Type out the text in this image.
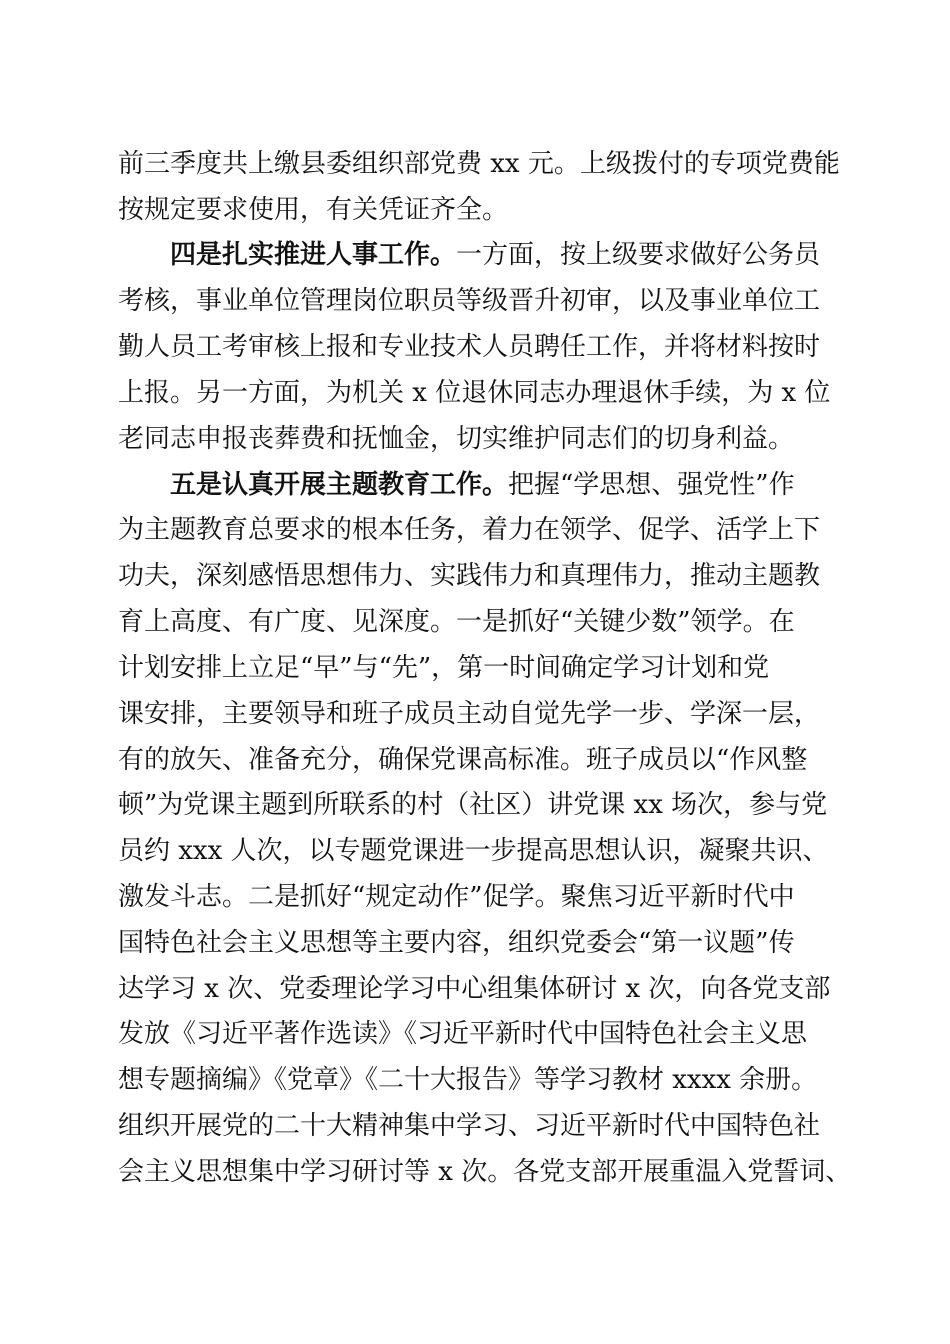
前三季度共上缴县委组织部党费 xx 元。上级拨付的专项党费能
按规定要求使用，有关凭证齐全。
四是扎实推进人事工作。一方面，按上级要求做好公务员
考核，事业单位管理岗位职员等级晋升初审，以及事业单位工
勤人员工考审核上报和专业技术人员聘任工作，并将材料按时
上报。另一方面，为机关 x 位退休同志办理退休手续，为 x 位
老同志申报丧葬费和抚恤金，切实维护同志们的切身利益。
五是认真开展主题教育工作。把握“学思想、强党性”作
为主题教育总要求的根本任务，着力在领学、促学、活学上下
功夫，深刻感悟思想伟力、实践伟力和真理伟力，推动主题教
育上高度、有广度、见深度。一是抓好“关键少数”领学。在
计划安排上立足“早”与“先”，第一时间确定学习计划和党
课安排，主要领导和班子成员主动自觉先学一步、学深一层，
有的放矢、准备充分，确保党课高标准。班子成员以“作风整
顿”为党课主题到所联系的村（社区）讲党课 xx 场次，参与党
员约 xxx 人次，以专题党课进一步提高思想认识，凝聚共识、
激发斗志。二是抓好“规定动作”促学。聚焦习近平新时代中
国特色社会主义思想等主要内容，组织党委会“第一议题”传
达学习 x 次、党委理论学习中心组集体研讨 x 次，向各党支部
发放《习近平著作选读》《习近平新时代中国特色社会主义思
想专题摘编》《党章》《二十大报告》等学习教材 xxxx 余册。
组织开展党的二十大精神集中学习、习近平新时代中国特色社
会主义思想集中学习研讨等 x 次。各党支部开展重温入党誓词、
